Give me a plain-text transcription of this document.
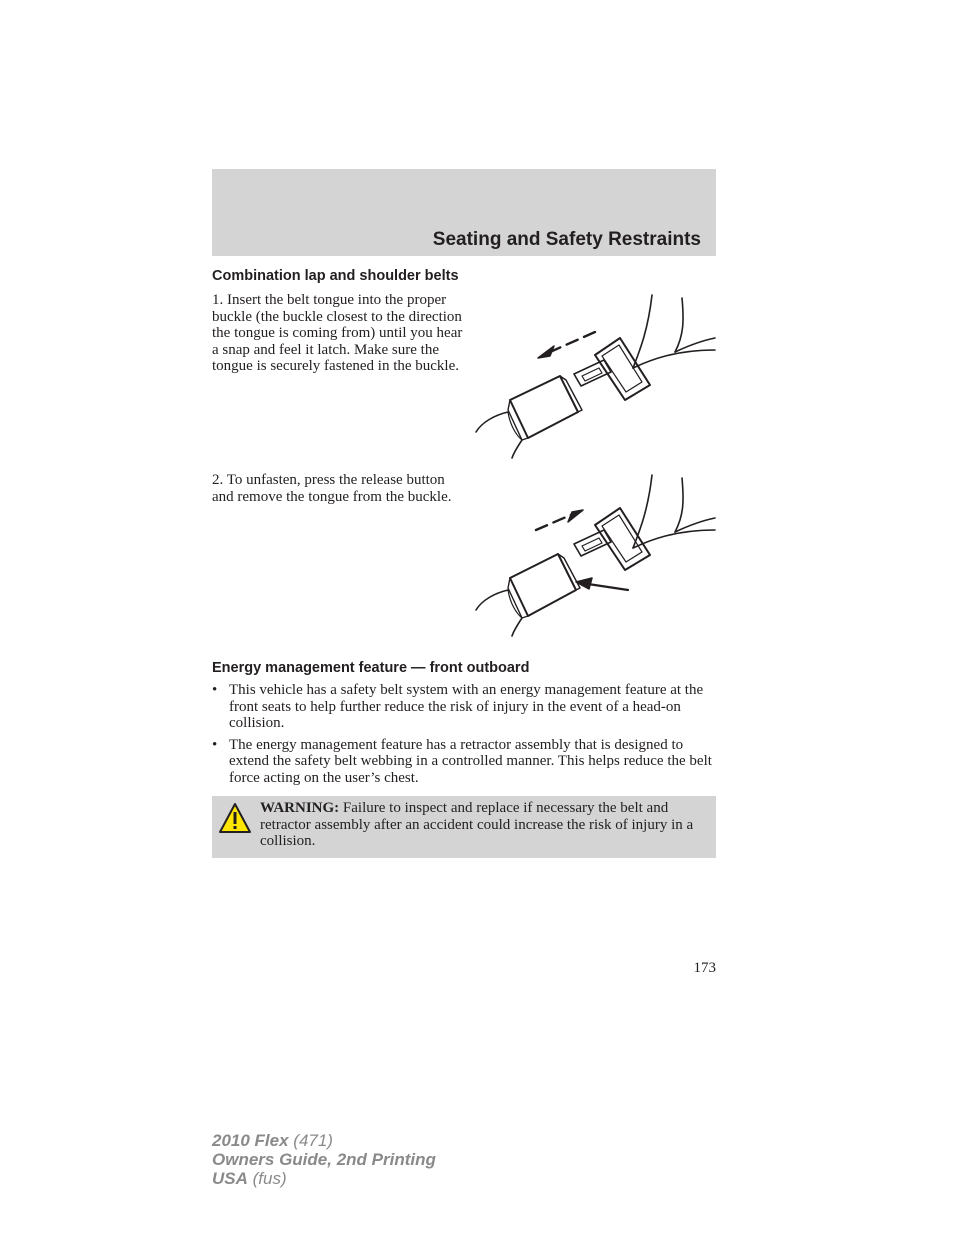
Seating and Safety Restraints
Combination lap and shoulder belts
1. Insert the belt tongue into the proper buckle (the buckle closest to the direction the tongue is coming from) until you hear a snap and feel it latch. Make sure the tongue is securely fastened in the buckle.
2. To unfasten, press the release button and remove the tongue from the buckle.
Energy management feature — front outboard
• This vehicle has a safety belt system with an energy management feature at the front seats to help further reduce the risk of injury in the event of a head-on collision.
• The energy management feature has a retractor assembly that is designed to extend the safety belt webbing in a controlled manner. This helps reduce the belt force acting on the user’s chest.
WARNING: Failure to inspect and replace if necessary the belt and retractor assembly after an accident could increase the risk of injury in a collision.
173
2010 Flex (471)
Owners Guide, 2nd Printing
USA (fus)
